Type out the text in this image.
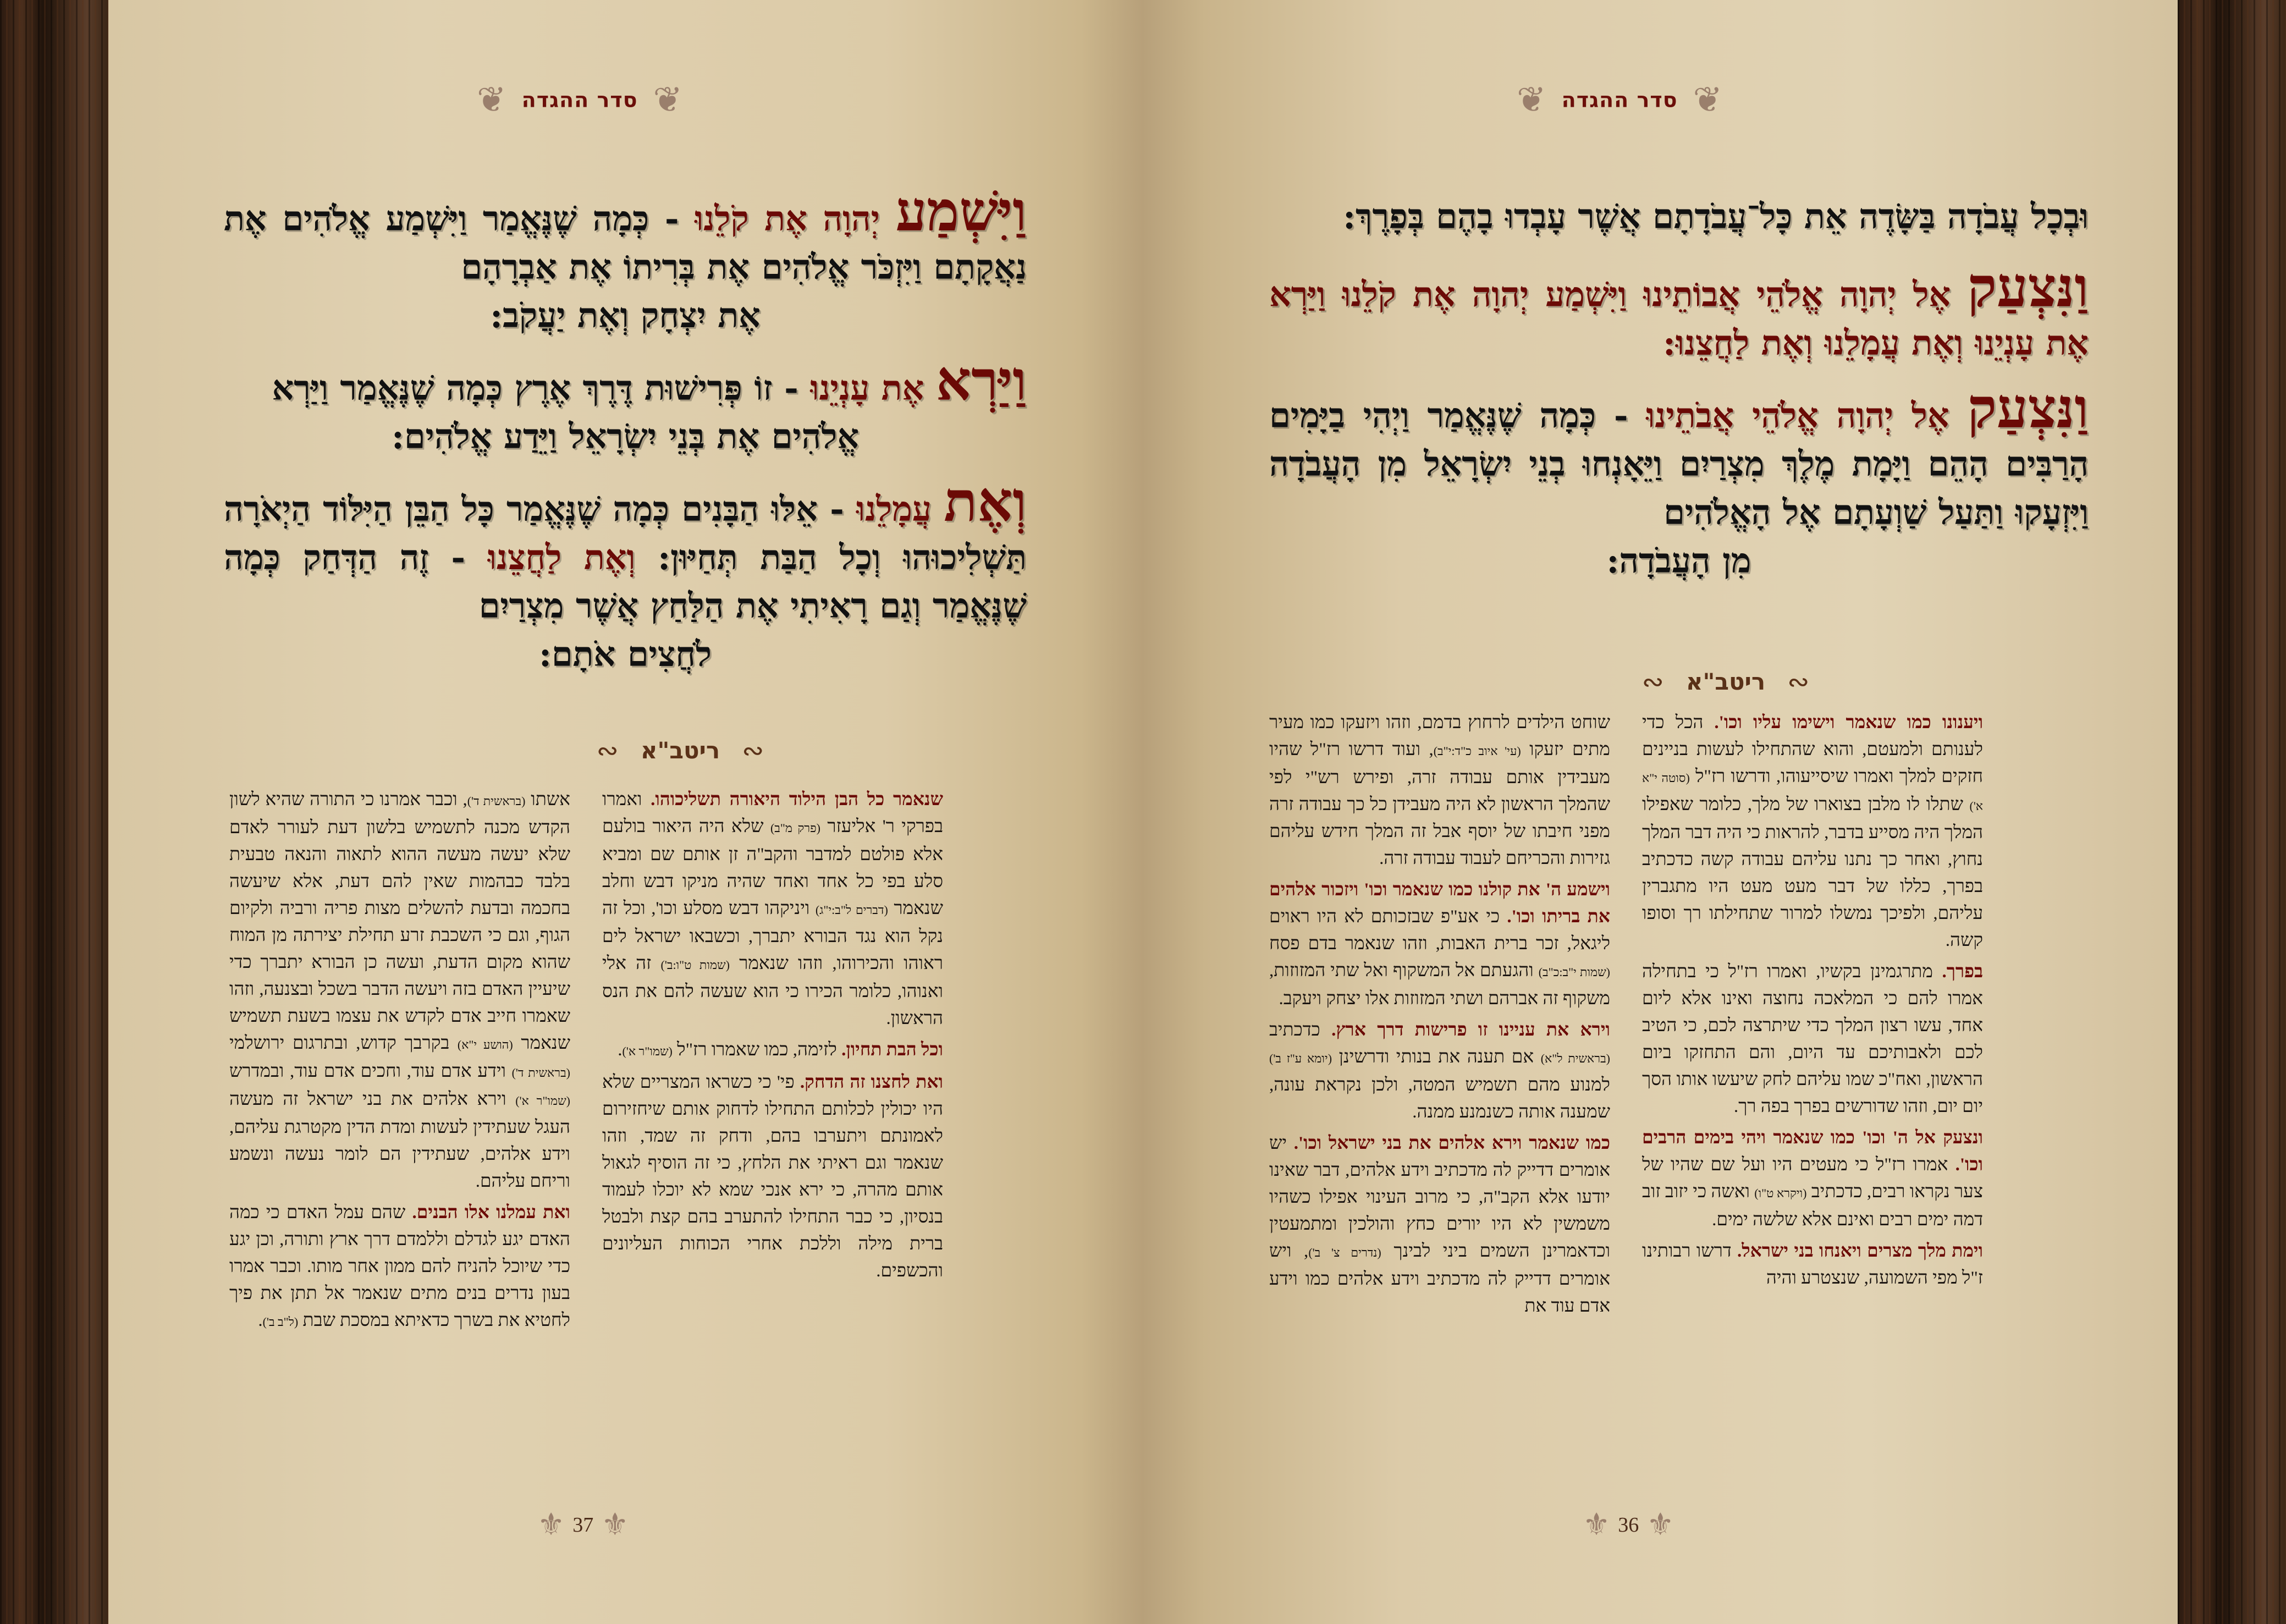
❦
סדר ההגדה
❦

וַיִּשְׁמַע יְהוָה אֶת קֹלֵנוּ - כְּמָה שֶׁנֶּאֱמַר וַיִּשְׁמַע אֱלֹהִים אֶת נַאֲקָתָם וַיִּזְכֹּר אֱלֹהִים אֶת בְּרִיתוֹ אֶת אַבְרָהָם

אֶת יִצְחָק וְאֶת יַעֲקֹב:

וַיַּרְא אֶת עָנְיֵנוּ - זוֹ פְּרִישׁוּת דֶּרֶךְ אֶרֶץ כְּמָה שֶׁנֶּאֱמַר וַיַּרְא

אֱלֹהִים אֶת בְּנֵי יִשְׂרָאֵל וַיֵּדַע אֱלֹהִים:

וְאֶת עֲמָלֵנוּ - אֵלּוּ הַבָּנִים כְּמָה שֶׁנֶּאֱמַר כָּל הַבֵּן הַיִּלּוֹד הַיְאֹרָה תַּשְׁלִיכוּהוּ וְכָל הַבַּת תְּחַיּוּן: וְאֶת לַחֲצֵנוּ - זֶה הַדְּחַק כְּמָה שֶׁנֶּאֱמַר וְגַם רָאִיתִי אֶת הַלַּחַץ אֲשֶׁר מִצְרַיִם

לֹחֲצִים אֹתָם:

∾
ריטב"א
∾

שנאמר כל הבן הילוד היאורה תשליכוהו. ואמרו בפרקי ר' אליעזר (פרק מ"ב) שלא היה היאור בולעם אלא פולטם למדבר והקב"ה זן אותם שם ומביא סלע בפי כל אחד ואחד שהיה מניקו דבש וחלב שנאמר (דברים ל"ב:י"ג) ויניקהו דבש מסלע וכו', וכל זה נקל הוא נגד הבורא יתברך, וכשבאו ישראל לים ראוהו והכירוהו, וזהו שנאמר (שמות ט"ו:ב') זה אלי ואנוהו, כלומר הכירו כי הוא שעשה להם את הנס הראשון.

וכל הבת תחיון. לזימה, כמו שאמרו רז"ל (שמו"ר א').

ואת לחצנו זה הדחק. פי' כי כשראו המצריים שלא היו יכולין לכלותם התחילו לדחוק אותם שיחזירום לאמונתם ויתערבו בהם, ודחק זה שמד, וזהו שנאמר וגם ראיתי את הלחץ, כי זה הוסיף לגאול אותם מהרה, כי ירא אנכי שמא לא יוכלו לעמוד בנסיון, כי כבר התחילו להתערב בהם קצת ולבטל ברית מילה וללכת אחרי הכוחות העליונים והכשפים.

אשתו (בראשית ד'), וכבר אמרנו כי התורה שהיא לשון הקדש מכנה לתשמיש בלשון דעת לעורר לאדם שלא יעשה מעשה ההוא לתאוה והנאה טבעית בלבד כבהמות שאין להם דעת, אלא שיעשה בחכמה ובדעת להשלים מצות פריה ורביה ולקיום הגוף, וגם כי השכבת זרע תחילת יצירתה מן המוח שהוא מקום הדעת, ועשה כן הבורא יתברך כדי שיעיין האדם בזה ויעשה הדבר בשכל ובצנעה, וזהו שאמרו חייב אדם לקדש את עצמו בשעת תשמיש שנאמר (הושע י"א) בקרבך קדוש, ובתרגום ירושלמי (בראשית ד') וידע אדם עוד, וחכים אדם עוד, ובמדרש (שמו"ר א') וירא אלהים את בני ישראל זה מעשה העגל שעתידין לעשות ומדת הדין מקטרגת עליהם, וידע אלהים, שעתידין הם לומר נעשה ונשמע וריחם עליהם.

ואת עמלנו אלו הבנים. שהם עמל האדם כי כמה האדם יגע לגדלם וללמדם דרך ארץ ותורה, וכן יגע כדי שיוכל להניח להם ממון אחר מותו. וכבר אמרו בעון נדרים בנים מתים שנאמר אל תתן את פיך לחטיא את בשרך כדאיתא במסכת שבת (ל"ב ב').

⚜ 37 ⚜
❦
סדר ההגדה
❦

וּבְכָל עֲבֹדָה בַּשָּׂדֶה אֵת כָּל־עֲבֹדָתָם אֲשֶׁר עָבְדוּ בָהֶם בְּפָרֶךְ:

וַנִּצְעַק אֶל יְהוָה אֱלֹהֵי אֲבוֹתֵינוּ וַיִּשְׁמַע יְהוָה אֶת קֹלֵנוּ וַיַּרְא אֶת עָנְיֵנוּ וְאֶת עֲמָלֵנוּ וְאֶת לַחֲצֵנוּ:

וַנִּצְעַק אֶל יְהוָה אֱלֹהֵי אֲבֹתֵינוּ - כְּמָה שֶׁנֶּאֱמַר וַיְהִי בַיָּמִים הָרַבִּים הָהֵם וַיָּמָת מֶלֶךְ מִצְרַיִם וַיֵּאָנְחוּ בְנֵי יִשְׂרָאֵל מִן הָעֲבֹדָה וַיִּזְעָקוּ וַתַּעַל שַׁוְעָתָם אֶל הָאֱלֹהִים

מִן הָעֲבֹדָה:

∾
ריטב"א
∾

ויענונו כמו שנאמר וישימו עליו וכו'. הכל כדי לענותם ולמעטם, והוא שהתחילו לעשות בניינים חזקים למלך ואמרו שיסייעוהו, ודרשו רז"ל (סוטה י"א א') שתלו לו מלבן בצוארו של מלך, כלומר שאפילו המלך היה מסייע בדבר, להראות כי היה דבר המלך נחוץ, ואחר כך נתנו עליהם עבודה קשה כדכתיב בפרך, כללו של דבר מעט מעט היו מתגברין עליהם, ולפיכך נמשלו למרור שתחילתו רך וסופו קשה.

בפרך. מתרגמינן בקשיו, ואמרו רז"ל כי בתחילה אמרו להם כי המלאכה נחוצה ואינו אלא ליום אחד, עשו רצון המלך כדי שיתרצה לכם, כי הטיב לכם ולאבותיכם עד היום, והם התחזקו ביום הראשון, ואח"כ שמו עליהם לחק שיעשו אותו הסך יום יום, וזהו שדורשים בפרך בפה רך.

ונצעק אל ה' וכו' כמו שנאמר ויהי בימים הרבים וכו'. אמרו רז"ל כי מעטים היו ועל שם שהיו של צער נקראו רבים, כדכתיב (ויקרא ט"ו) ואשה כי יזוב זוב דמה ימים רבים ואינם אלא שלשה ימים.

וימת מלך מצרים ויאנחו בני ישראל. דרשו רבותינו ז"ל מפי השמועה, שנצטרע והיה

שוחט הילדים לרחוץ בדמם, וזהו ויזעקו כמו מעיר מתים יזעקו (עי' איוב כ"ד:י"ב), ועוד דרשו רז"ל שהיו מעבידין אותם עבודה זרה, ופירש רש"י לפי שהמלך הראשון לא היה מעבידן כל כך עבודה זרה מפני חיבתו של יוסף אבל זה המלך חידש עליהם גזירות והכריחם לעבוד עבודה זרה.

וישמע ה' את קולנו כמו שנאמר וכו' ויזכור אלהים את בריתו וכו'. כי אע"פ שבזכותם לא היו ראוים ליגאל, זכר ברית האבות, וזהו שנאמר בדם פסח (שמות י"ב:כ"ב) והגעתם אל המשקוף ואל שתי המזוזות, משקוף זה אברהם ושתי המזוזות אלו יצחק ויעקב.

וירא את עניינו זו פרישות דרך ארץ. כדכתיב (בראשית ל"א) אם תענה את בנותי ודרשינן (יומא ע"ז ב') למנוע מהם תשמיש המטה, ולכן נקראת עונה, שמענה אותה כשנמנע ממנה.

כמו שנאמר וירא אלהים את בני ישראל וכו'. יש אומרים דדייק לה מדכתיב וידע אלהים, דבר שאינו יודעו אלא הקב"ה, כי מרוב העינוי אפילו כשהיו משמשין לא היו יורים כחץ והולכין ומתמעטין וכדאמרינן השמים ביני לבינך (נדרים צ' ב'), ויש אומרים דדייק לה מדכתיב וידע אלהים כמו וידע אדם עוד את

⚜ 36 ⚜
